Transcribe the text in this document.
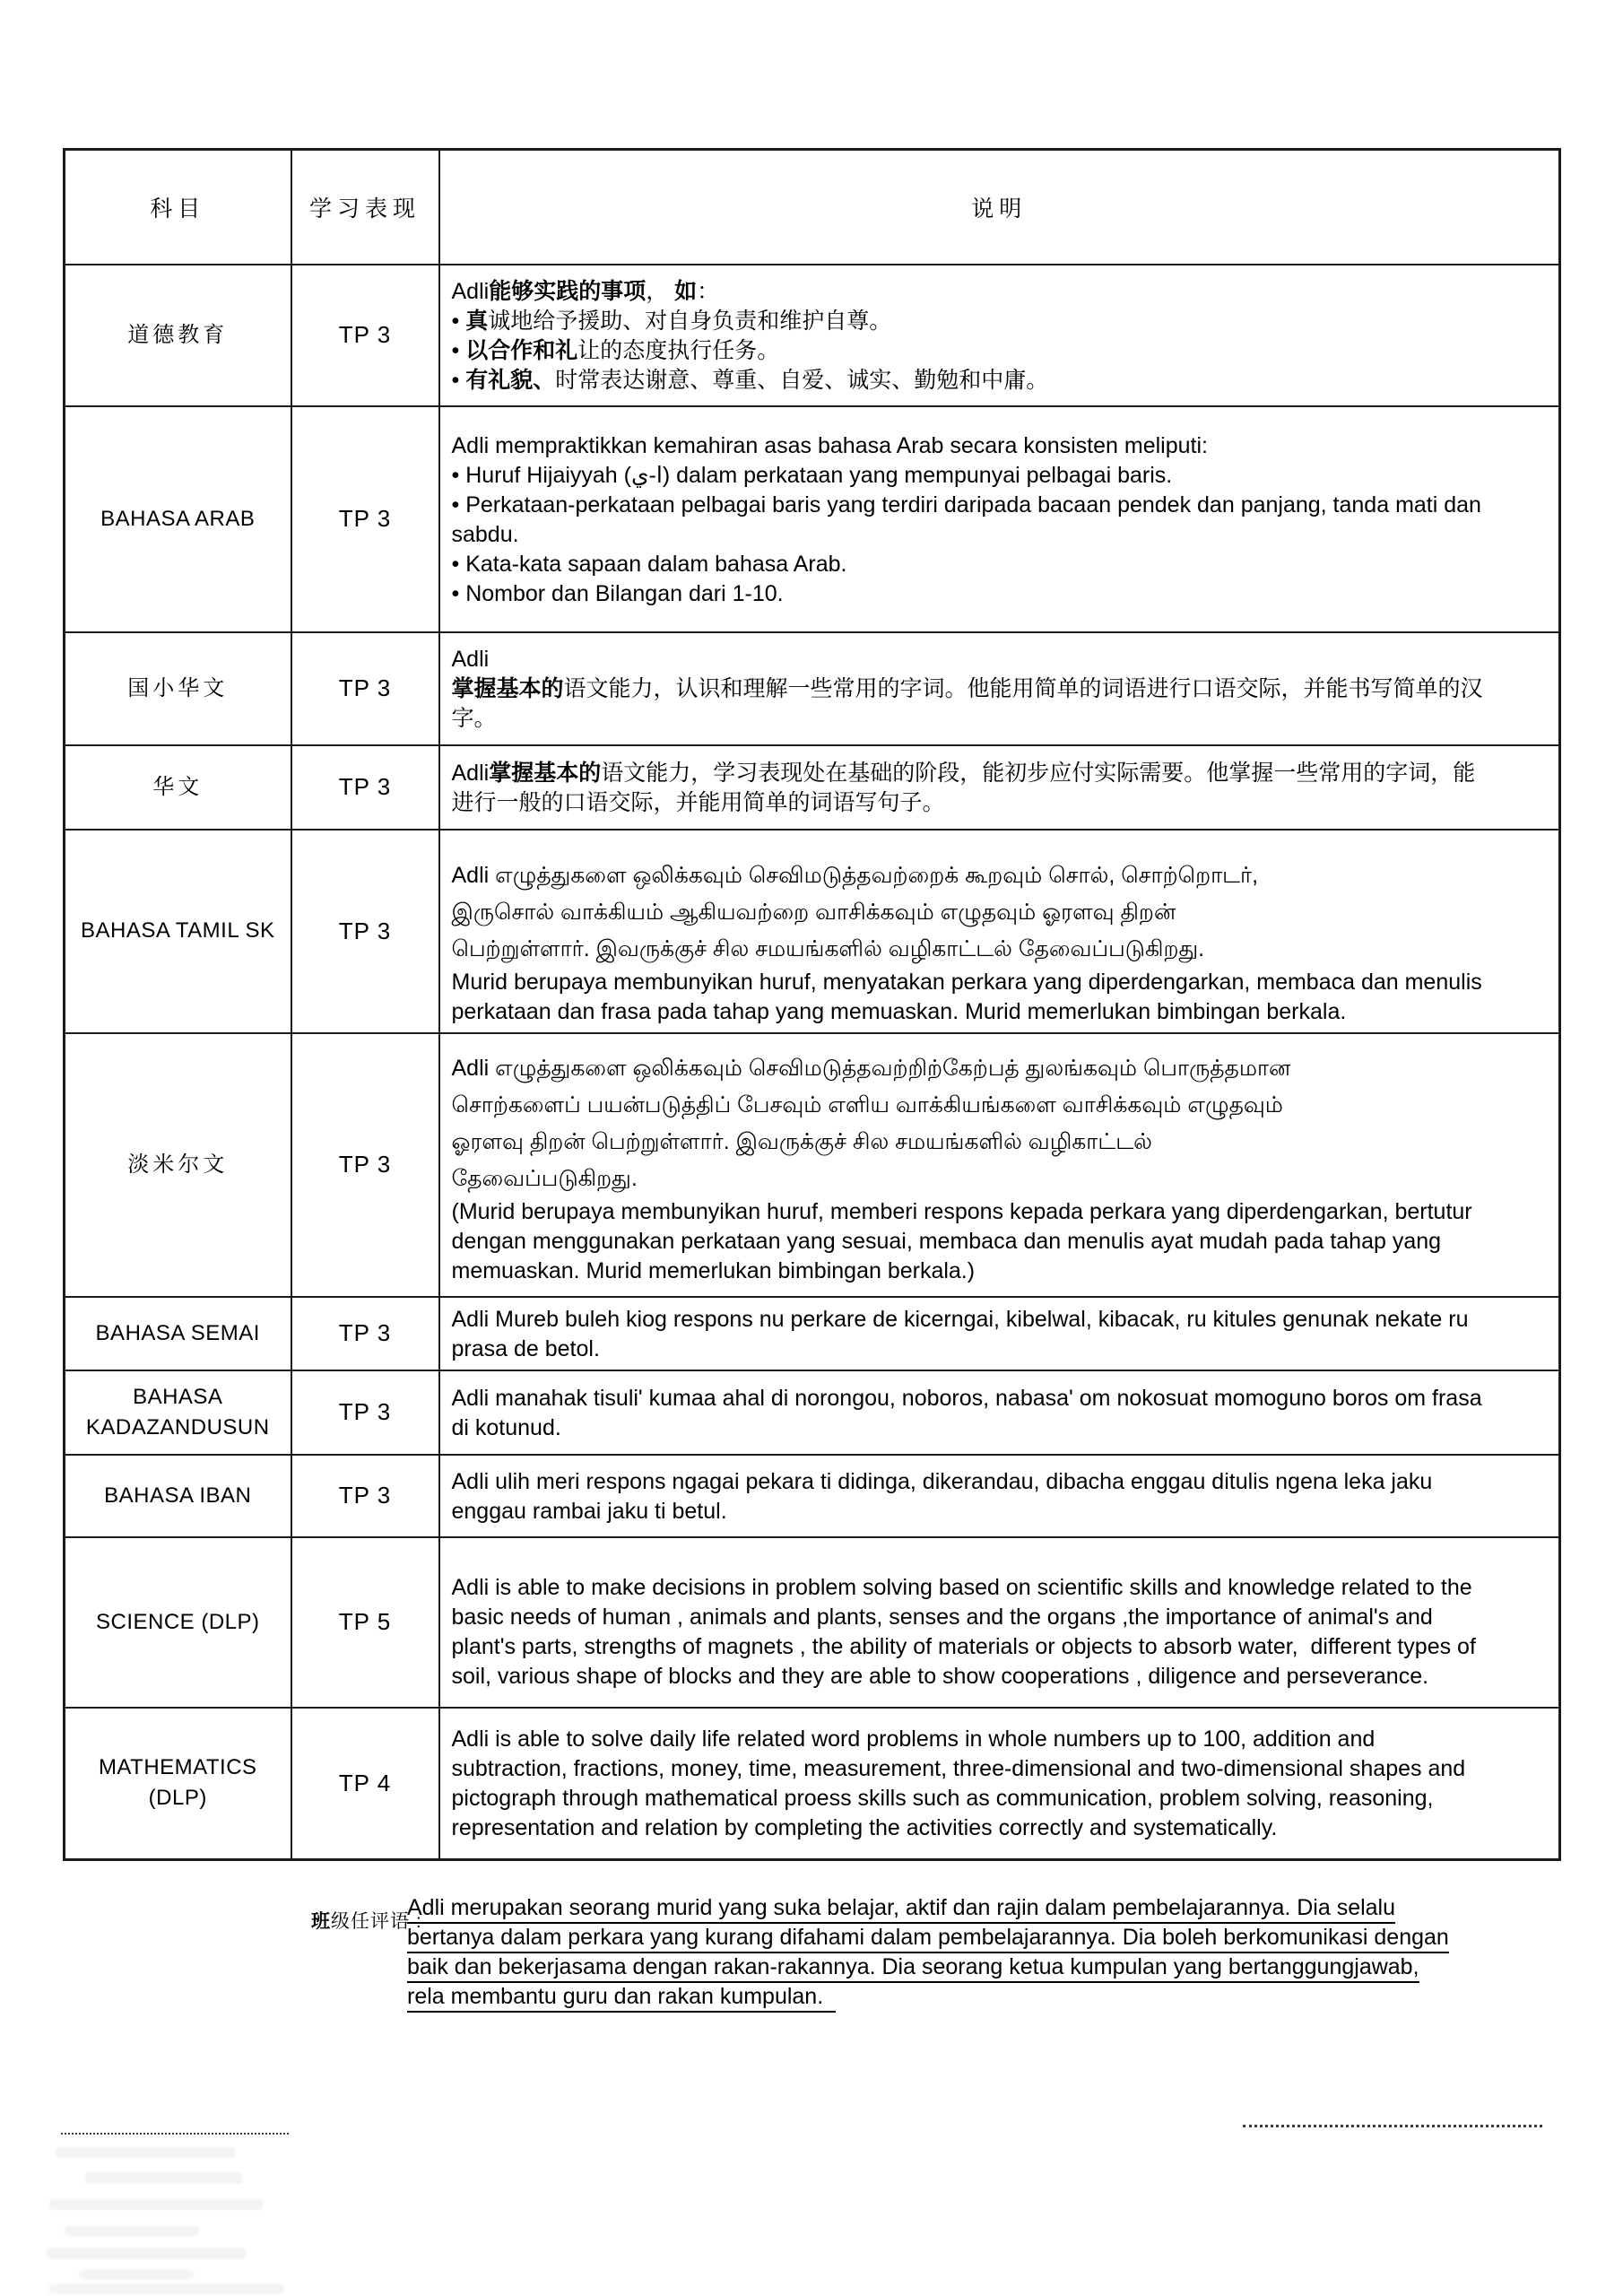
科目	学习表现	说明
道德教育	TP 3	Adli能够实践的事项， 如：
• 真诚地给予援助、对自身负责和维护自尊。
• 以合作和礼让的态度执行任务。
• 有礼貌、时常表达谢意、尊重、自爱、诚实、勤勉和中庸。

BAHASA ARAB	TP 3	
Adli mempraktikkan kemahiran asas bahasa Arab secara konsisten meliputi:
• Huruf Hijaiyyah (ا-ي) dalam perkataan yang mempunyai pelbagai baris.
• Perkataan-perkataan pelbagai baris yang terdiri daripada bacaan pendek dan panjang, tanda mati dan
sabdu.
• Kata-kata sapaan dalam bahasa Arab.
• Nombor dan Bilangan dari 1-10.

国小华文	TP 3	Adli
掌握基本的语文能力，认识和理解一些常用的字词。他能用简单的词语进行口语交际，并能书写简单的汉
字。

华文	TP 3	Adli掌握基本的语文能力，学习表现处在基础的阶段，能初步应付实际需要。他掌握一些常用的字词，能
进行一般的口语交际，并能用简单的词语写句子。

BAHASA TAMIL SK	TP 3	Adli எழுத்துகளை ஒலிக்கவும் செவிமடுத்தவற்றைக் கூறவும் சொல், சொற்றொடர்,
இருசொல் வாக்கியம் ஆகியவற்றை வாசிக்கவும் எழுதவும் ஓரளவு திறன்
பெற்றுள்ளார். இவருக்குச் சில சமயங்களில் வழிகாட்டல் தேவைப்படுகிறது.
Murid berupaya membunyikan huruf, menyatakan perkara yang diperdengarkan, membaca dan menulis
perkataan dan frasa pada tahap yang memuaskan. Murid memerlukan bimbingan berkala.

淡米尔文	TP 3	
Adli எழுத்துகளை ஒலிக்கவும் செவிமடுத்தவற்றிற்கேற்பத் துலங்கவும் பொருத்தமான
சொற்களைப் பயன்படுத்திப் பேசவும் எளிய வாக்கியங்களை வாசிக்கவும் எழுதவும்
ஓரளவு திறன் பெற்றுள்ளார். இவருக்குச் சில சமயங்களில் வழிகாட்டல்
தேவைப்படுகிறது.
(Murid berupaya membunyikan huruf, memberi respons kepada perkara yang diperdengarkan, bertutur
dengan menggunakan perkataan yang sesuai, membaca dan menulis ayat mudah pada tahap yang
memuaskan. Murid memerlukan bimbingan berkala.)

BAHASA SEMAI	TP 3	Adli Mureb buleh kiog respons nu perkare de kicerngai, kibelwal, kibacak, ru kitules genunak nekate ru
prasa de betol.

BAHASA KADAZANDUSUN	TP 3	Adli manahak tisuli' kumaa ahal di norongou, noboros, nabasa' om nokosuat momoguno boros om frasa
di kotunud.

BAHASA IBAN	TP 3	Adli ulih meri respons ngagai pekara ti didinga, dikerandau, dibacha enggau ditulis ngena leka jaku
enggau rambai jaku ti betul.

SCIENCE (DLP)	TP 5	Adli is able to make decisions in problem solving based on scientific skills and knowledge related to the
basic needs of human , animals and plants, senses and the organs ,the importance of animal's and
plant's parts, strengths of magnets , the ability of materials or objects to absorb water,  different types of
soil, various shape of blocks and they are able to show cooperations , diligence and perseverance.

MATHEMATICS (DLP)	TP 4	Adli is able to solve daily life related word problems in whole numbers up to 100, addition and
subtraction, fractions, money, time, measurement, three-dimensional and two-dimensional shapes and
pictograph through mathematical proess skills such as communication, problem solving, reasoning,
representation and relation by completing the activities correctly and systematically.
班级任评语 :
Adli merupakan seorang murid yang suka belajar, aktif dan rajin dalam pembelajarannya. Dia selalu
bertanya dalam perkara yang kurang difahami dalam pembelajarannya. Dia boleh berkomunikasi dengan
baik dan bekerjasama dengan rakan-rakannya. Dia seorang ketua kumpulan yang bertanggungjawab,
rela membantu guru dan rakan kumpulan.
